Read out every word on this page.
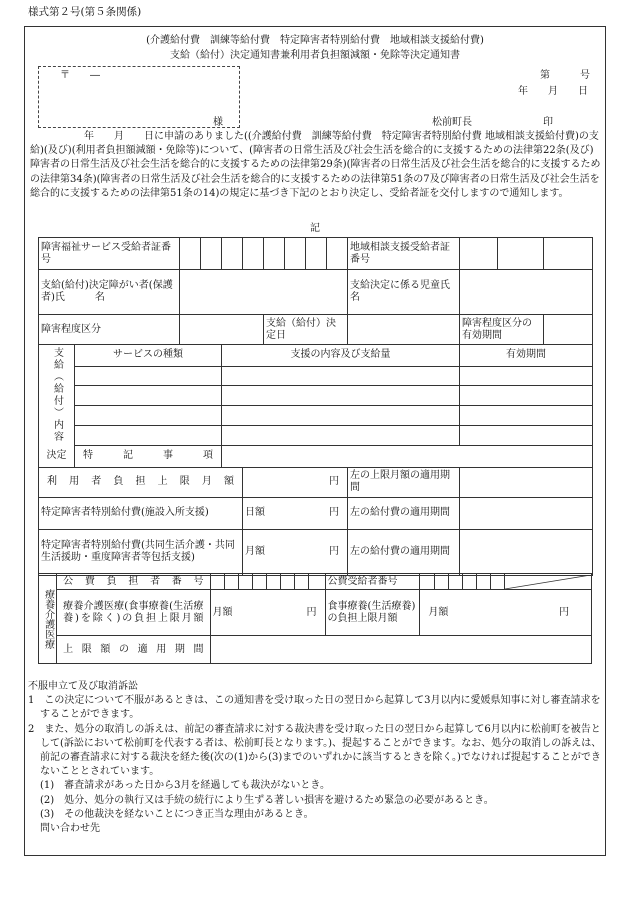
様式第２号(第５条関係)
(介護給付費　訓練等給付費　特定障害者特別給付費　地域相談支援給付費)
支給（給付）決定通知書兼利用者負担額減額・免除等決定通知書
〒　　―
様
第　　　号
年　　月　　日
松前町長	印
年　　月　　日に申請のありました((介護給付費　訓練等給付費　特定障害者特別給付費 地域相談支援給付費)の支給)(及び)(利用者負担額減額・免除等)について、(障害者の日常生活及び社会生活を総合的に支援するための法律第22条(及び)障害者の日常生活及び社会生活を総合的に支援するための法律第29条)(障害者の日常生活及び社会生活を総合的に支援するための法律第34条)(障害者の日常生活及び社会生活を総合的に支援するための法律第51条の7及び障害者の日常生活及び社会生活を総合的に支援するための法律第51条の14)の規定に基づき下記のとおり決定し、受給者証を交付しますので通知します。
記
障害福祉サービス受給者証番号										地域相談支援受給者証番号			
支給(給付)決定障がい者(保護者)氏　　　名										支給決定に係る児童氏名			
障害程度区分						支給（給付）決定日					障害程度区分の有効期間		
支給（給付）内容	サービスの種類			支援の内容及び支給量							有効期間		

決定	特　　記　　事　　項												
利用者負担上限月額					円					左の上限月額の適用期間			
特定障害者特別給付費(施設入所支援)					日額 円					左の給付費の適用期間			
特定障害者特別給付費(共同生活介護・共同生活援助・重度障害者等包括支援)					月額 円					左の給付費の適用期間			
療養介護医療	公費負担者番号									公費受給者番号							

	療養介護医療(食事療養(生活療養)を除く)の負担上限月額	月額 円								食事療養(生活療養)の負担上限月額	月額 円						

	上限額の適用期間																

不服申立て及び取消訴訟

1　この決定について不服があるときは、この通知書を受け取った日の翌日から起算して3月以内に愛媛県知事に対し審査請求をすることができます。

2　また、処分の取消しの訴えは、前記の審査請求に対する裁決書を受け取った日の翌日から起算して6月以内に松前町を被告として(訴訟において松前町を代表する者は、松前町長となります。)、提起することができます。なお、処分の取消しの訴えは、前記の審査請求に対する裁決を経た後(次の(1)から(3)までのいずれかに該当するときを除く。)でなければ提起することができないこととされています。

(1)　審査請求があった日から3月を経過しても裁決がないとき。

(2)　処分、処分の執行又は手続の続行により生ずる著しい損害を避けるため緊急の必要があるとき。

(3)　その他裁決を経ないことにつき正当な理由があるとき。

問い合わせ先
